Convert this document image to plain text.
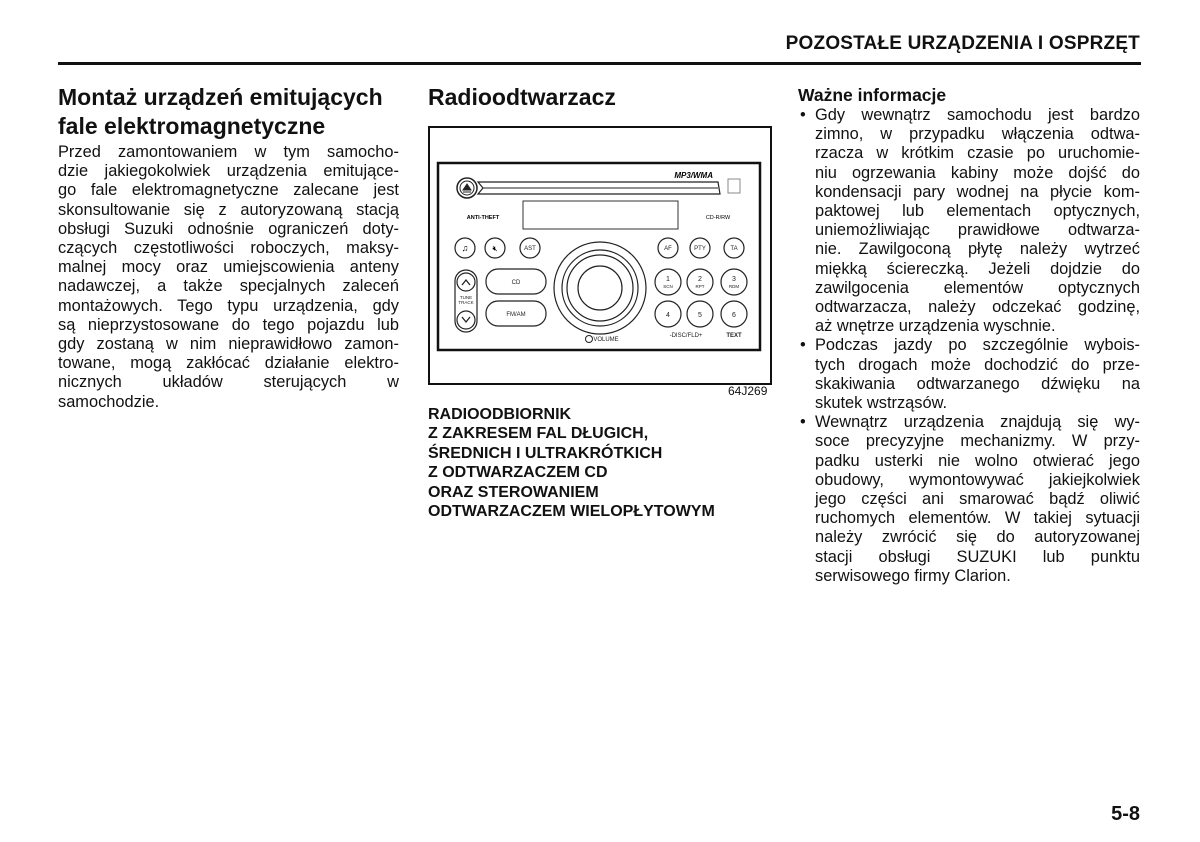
POZOSTAŁE URZĄDZENIA I OSPRZĘT
Montaż urządzeń emitujących
fale elektromagnetyczne
Przed zamontowaniem w tym samocho-
dzie jakiegokolwiek urządzenia emitujące-
go fale elektromagnetyczne zalecane jest
skonsultowanie się z autoryzowaną stacją
obsługi Suzuki odnośnie ograniczeń doty-
czących częstotliwości roboczych, maksy-
malnej mocy oraz umiejscowienia anteny
nadawczej, a także specjalnych zaleceń
montażowych. Tego typu urządzenia, gdy
są nieprzystosowane do tego pojazdu lub
gdy zostaną w nim nieprawidłowo zamon-
towane, mogą zakłócać działanie elektro-
nicznych układów sterujących w
samochodzie.
Radioodtwarzacz
MP3/WMA
ANTI-THEFT	CD-R/RW
♫	🔇︎	AST	AF	PTY	TA
CD
FM/AM
TUNE
TRACK
1
SCN
2
RPT
3
RDM
4	5	6
-DISC/FLD+	TEXT
VOLUME
64J269
RADIOODBIORNIK
Z ZAKRESEM FAL DŁUGICH,
ŚREDNICH I ULTRAKRÓTKICH
Z ODTWARZACZEM CD
ORAZ STEROWANIEM
ODTWARZACZEM WIELOPŁYTOWYM
Ważne informacje
• Gdy wewnątrz samochodu jest bardzo
zimno, w przypadku włączenia odtwa-
rzacza w krótkim czasie po uruchomie-
niu ogrzewania kabiny może dojść do
kondensacji pary wodnej na płycie kom-
paktowej lub elementach optycznych,
uniemożliwiając prawidłowe odtwarza-
nie. Zawilgoconą płytę należy wytrzeć
miękką ściereczką. Jeżeli dojdzie do
zawilgocenia elementów optycznych
odtwarzacza, należy odczekać godzinę,
aż wnętrze urządzenia wyschnie.
• Podczas jazdy po szczególnie wybois-
tych drogach może dochodzić do prze-
skakiwania odtwarzanego dźwięku na
skutek wstrząsów.
• Wewnątrz urządzenia znajdują się wy-
soce precyzyjne mechanizmy. W przy-
padku usterki nie wolno otwierać jego
obudowy, wymontowywać jakiejkolwiek
jego części ani smarować bądź oliwić
ruchomych elementów. W takiej sytuacji
należy zwrócić się do autoryzowanej
stacji obsługi SUZUKI lub punktu
serwisowego firmy Clarion.
5-8
